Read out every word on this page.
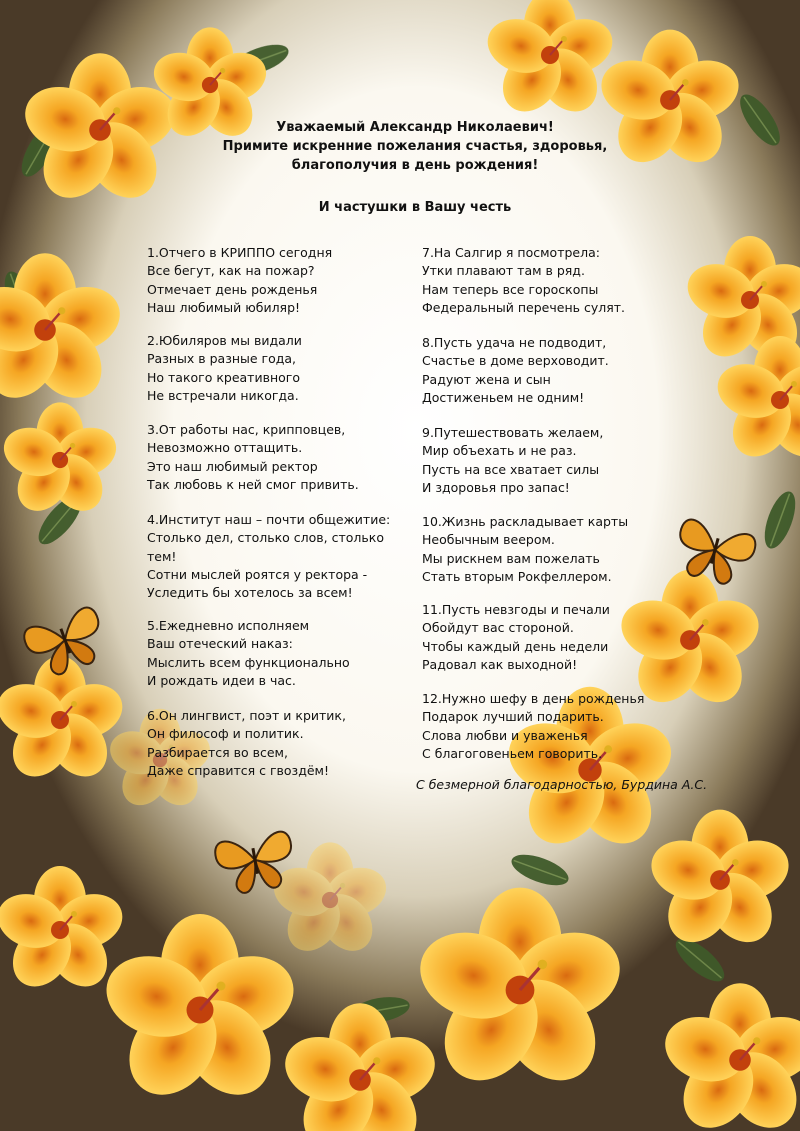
Уважаемый Александр Николаевич!
Примите искренние пожелания счастья, здоровья,
благополучия в день рождения!
И частушки в Вашу честь
1.Отчего в КРИППО сегодня
Все бегут, как на пожар?
Отмечает день рожденья
Наш любимый юбиляр!
2.Юбиляров мы видали
Разных в разные года,
Но такого креативного
Не встречали никогда.
3.От работы нас, крипповцев,
Невозможно оттащить.
Это наш любимый ректор
Так любовь к ней смог привить.
4.Институт наш – почти общежитие:
Столько дел, столько слов, столько
тем!
Сотни мыслей роятся у ректора -
Уследить бы хотелось за всем!
5.Ежедневно исполняем
Ваш отеческий наказ:
Мыслить всем функционально
И рождать идеи в час.
6.Он лингвист, поэт и критик,
Он философ и политик.
Разбирается во всем,
Даже справится с гвоздём!
7.На Салгир я посмотрела:
Утки плавают там в ряд.
Нам теперь все гороскопы
Федеральный перечень сулят.
8.Пусть удача не подводит,
Счастье в доме верховодит.
Радуют жена и сын
Достиженьем не одним!
9.Путешествовать желаем,
Мир объехать и не раз.
Пусть на все хватает силы
И здоровья про запас!
10.Жизнь раскладывает карты
Необычным веером.
Мы рискнем вам пожелать
Стать вторым Рокфеллером.
11.Пусть невзгоды и печали
Обойдут вас стороной.
Чтобы каждый день недели
Радовал как выходной!
12.Нужно шефу в день рожденья
Подарок лучший подарить.
Слова любви и уваженья
С благоговеньем говорить.
С безмерной благодарностью, Бурдина А.С.
